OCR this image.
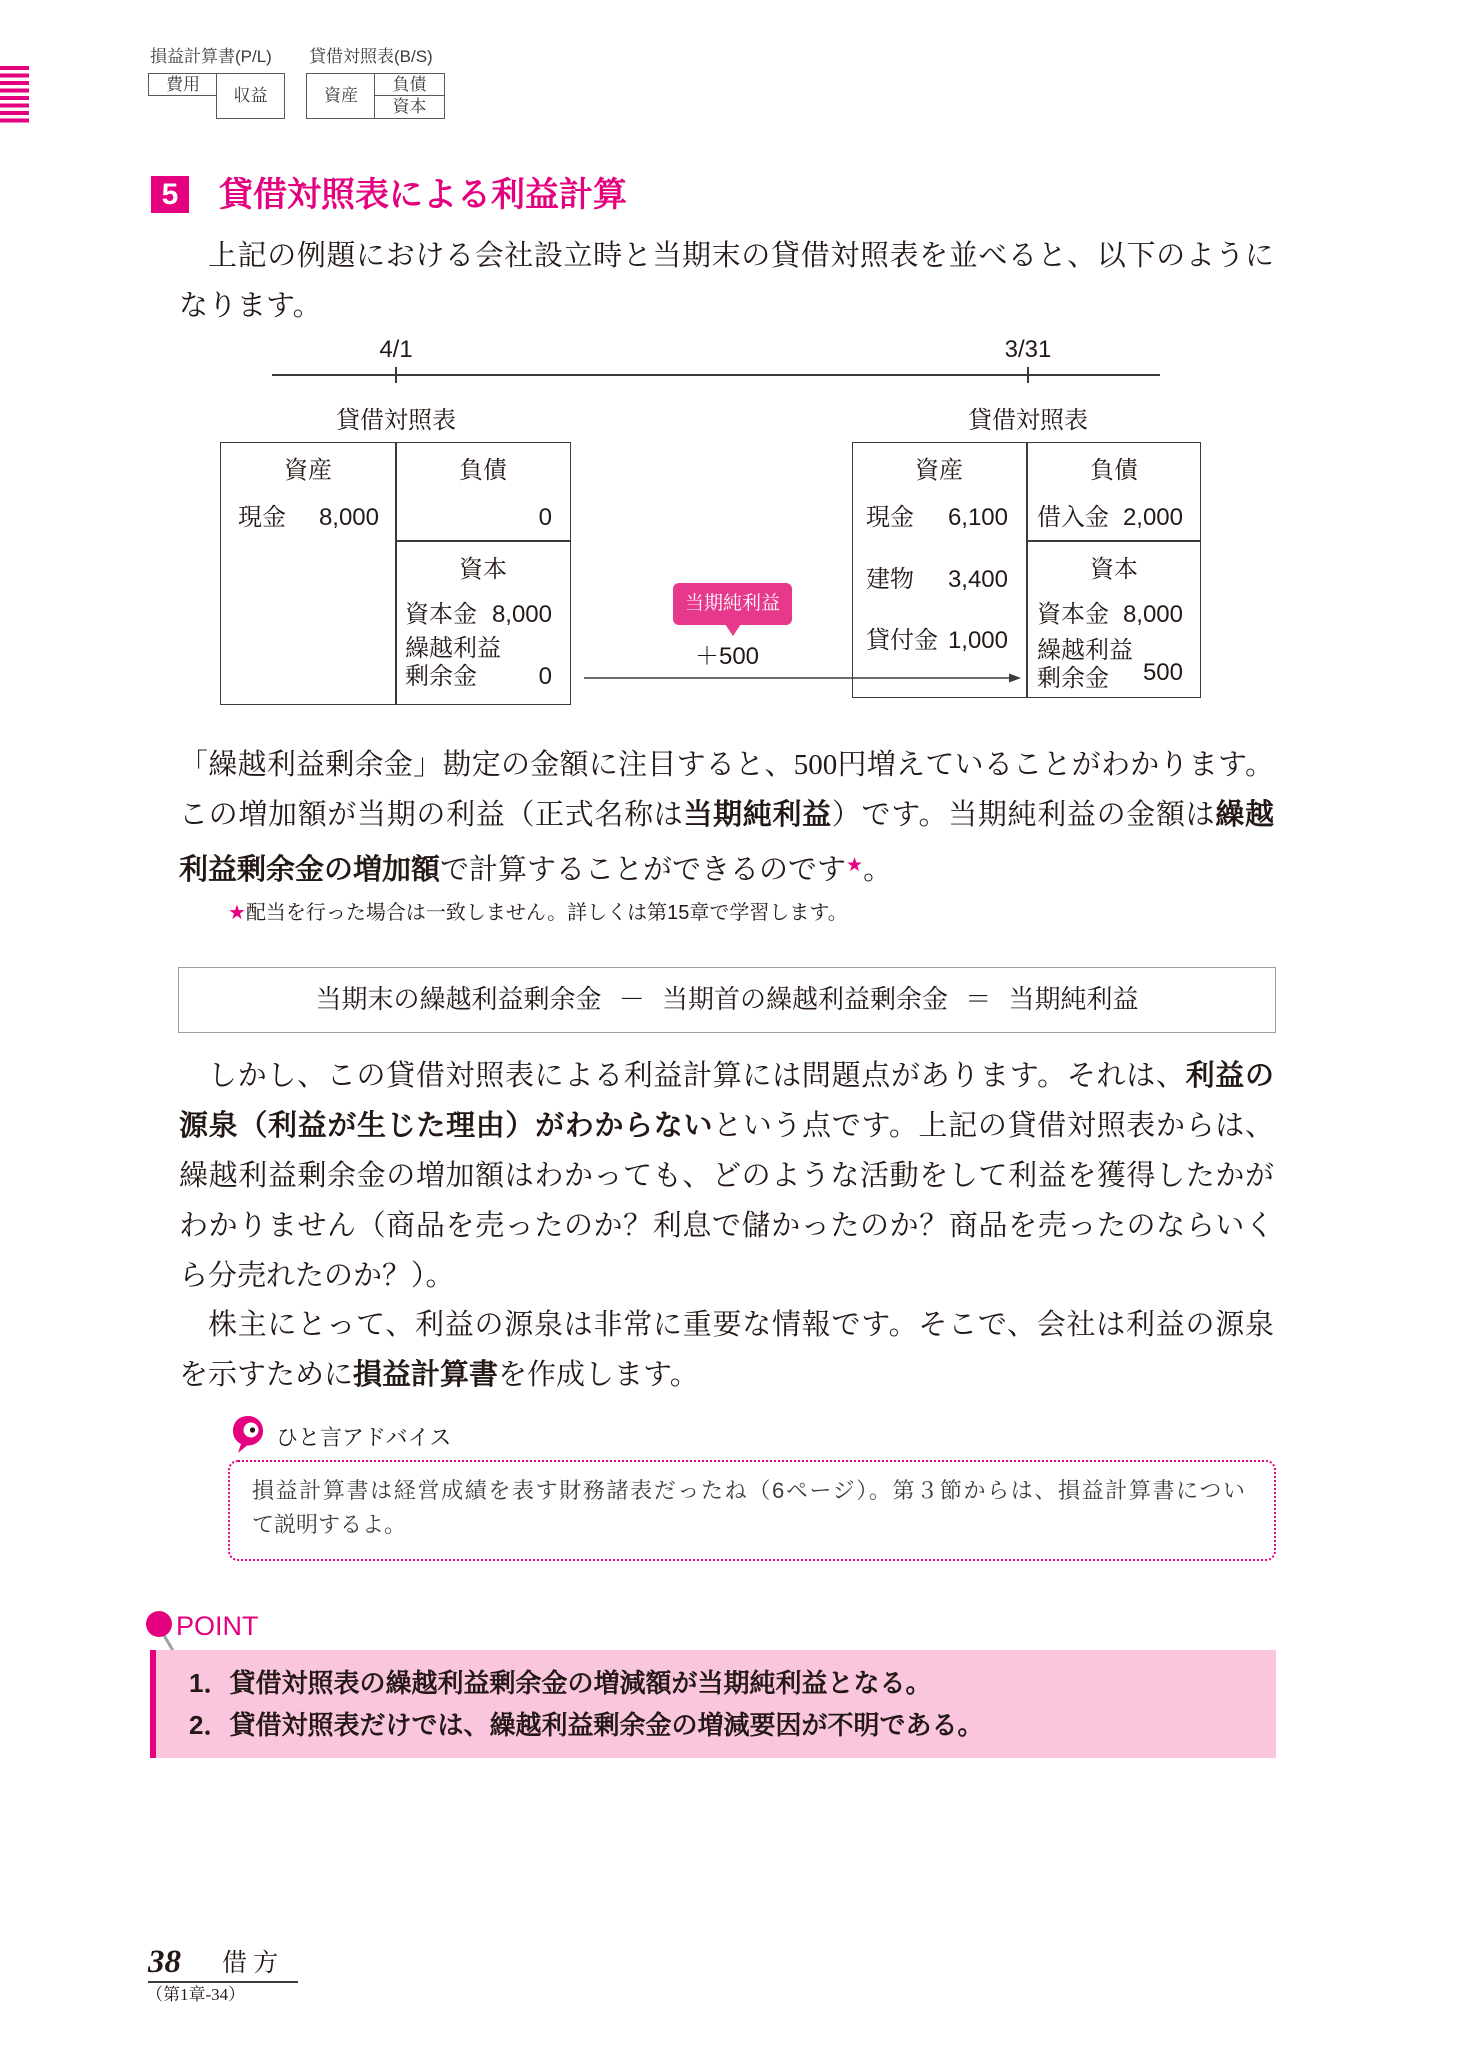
損益計算書(P/L)
費用
収益
貸借対照表(B/S)
資産
負債
資本
5	貸借対照表による利益計算
上記の例題における会社設立時と当期末の貸借対照表を並べると、以下のように
なります。
4/1	3/31
貸借対照表	貸借対照表
資産	負債
現金 8,000	0
資本
資本金 8,000
繰越利益
剰余金	0
資産	負債
現金 6,100
建物 3,400
貸付金 1,000
借入金 2,000
資本
資本金 8,000
繰越利益
剰余金 500
当期純利益
＋500
「繰越利益剰余金」勘定の金額に注目すると、500円増えていることがわかります。
この増加額が当期の利益（正式名称は当期純利益）です。当期純利益の金額は繰越
利益剰余金の増加額で計算することができるのです★。
★配当を行った場合は一致しません。詳しくは第15章で学習します。
当期末の繰越利益剰余金 － 当期首の繰越利益剰余金 ＝ 当期純利益
しかし、この貸借対照表による利益計算には問題点があります。それは、利益の
源泉（利益が生じた理由）がわからないという点です。上記の貸借対照表からは、
繰越利益剰余金の増加額はわかっても、どのような活動をして利益を獲得したかが
わかりません（商品を売ったのか？利息で儲かったのか？商品を売ったのならいく
ら分売れたのか？）。
株主にとって、利益の源泉は非常に重要な情報です。そこで、会社は利益の源泉
を示すために損益計算書を作成します。
ひと言アドバイス
損益計算書は経営成績を表す財務諸表だったね（6ページ）。第３節からは、損益計算書につい
て説明するよ。
POINT
1．貸借対照表の繰越利益剰余金の増減額が当期純利益となる。
2．貸借対照表だけでは、繰越利益剰余金の増減要因が不明である。
38 借 方
（第1章-34）
